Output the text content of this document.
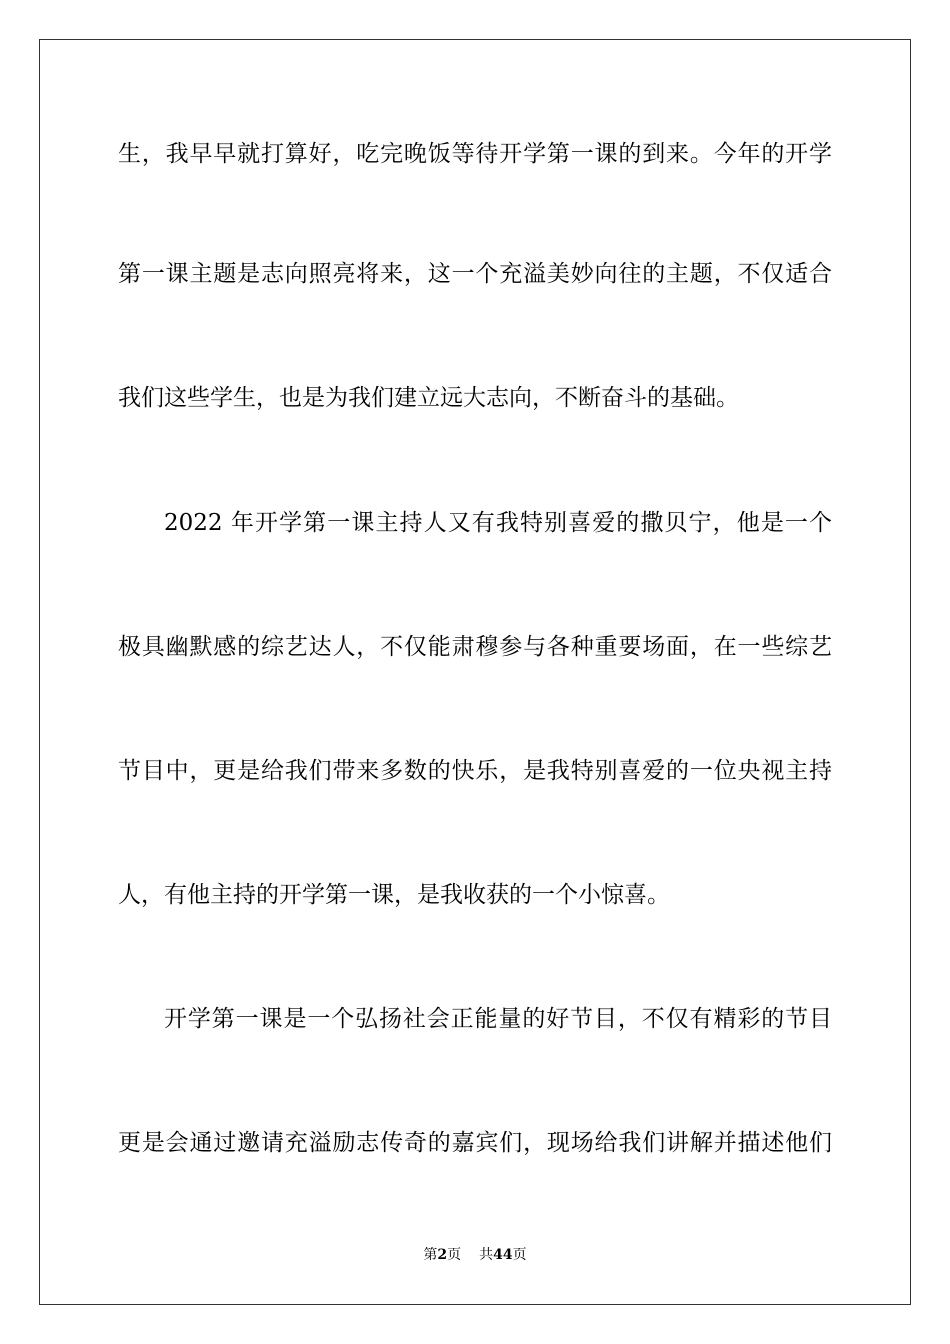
生，我早早就打算好，吃完晚饭等待开学第一课的到来。今年的开学
第一课主题是志向照亮将来，这一个充溢美妙向往的主题，不仅适合
我们这些学生，也是为我们建立远大志向，不断奋斗的基础。
2022 年开学第一课主持人又有我特别喜爱的撒贝宁，他是一个
极具幽默感的综艺达人，不仅能肃穆参与各种重要场面，在一些综艺
节目中，更是给我们带来多数的快乐，是我特别喜爱的一位央视主持
人，有他主持的开学第一课，是我收获的一个小惊喜。
开学第一课是一个弘扬社会正能量的好节目，不仅有精彩的节目
更是会通过邀请充溢励志传奇的嘉宾们，现场给我们讲解并描述他们
第2页 共44页
